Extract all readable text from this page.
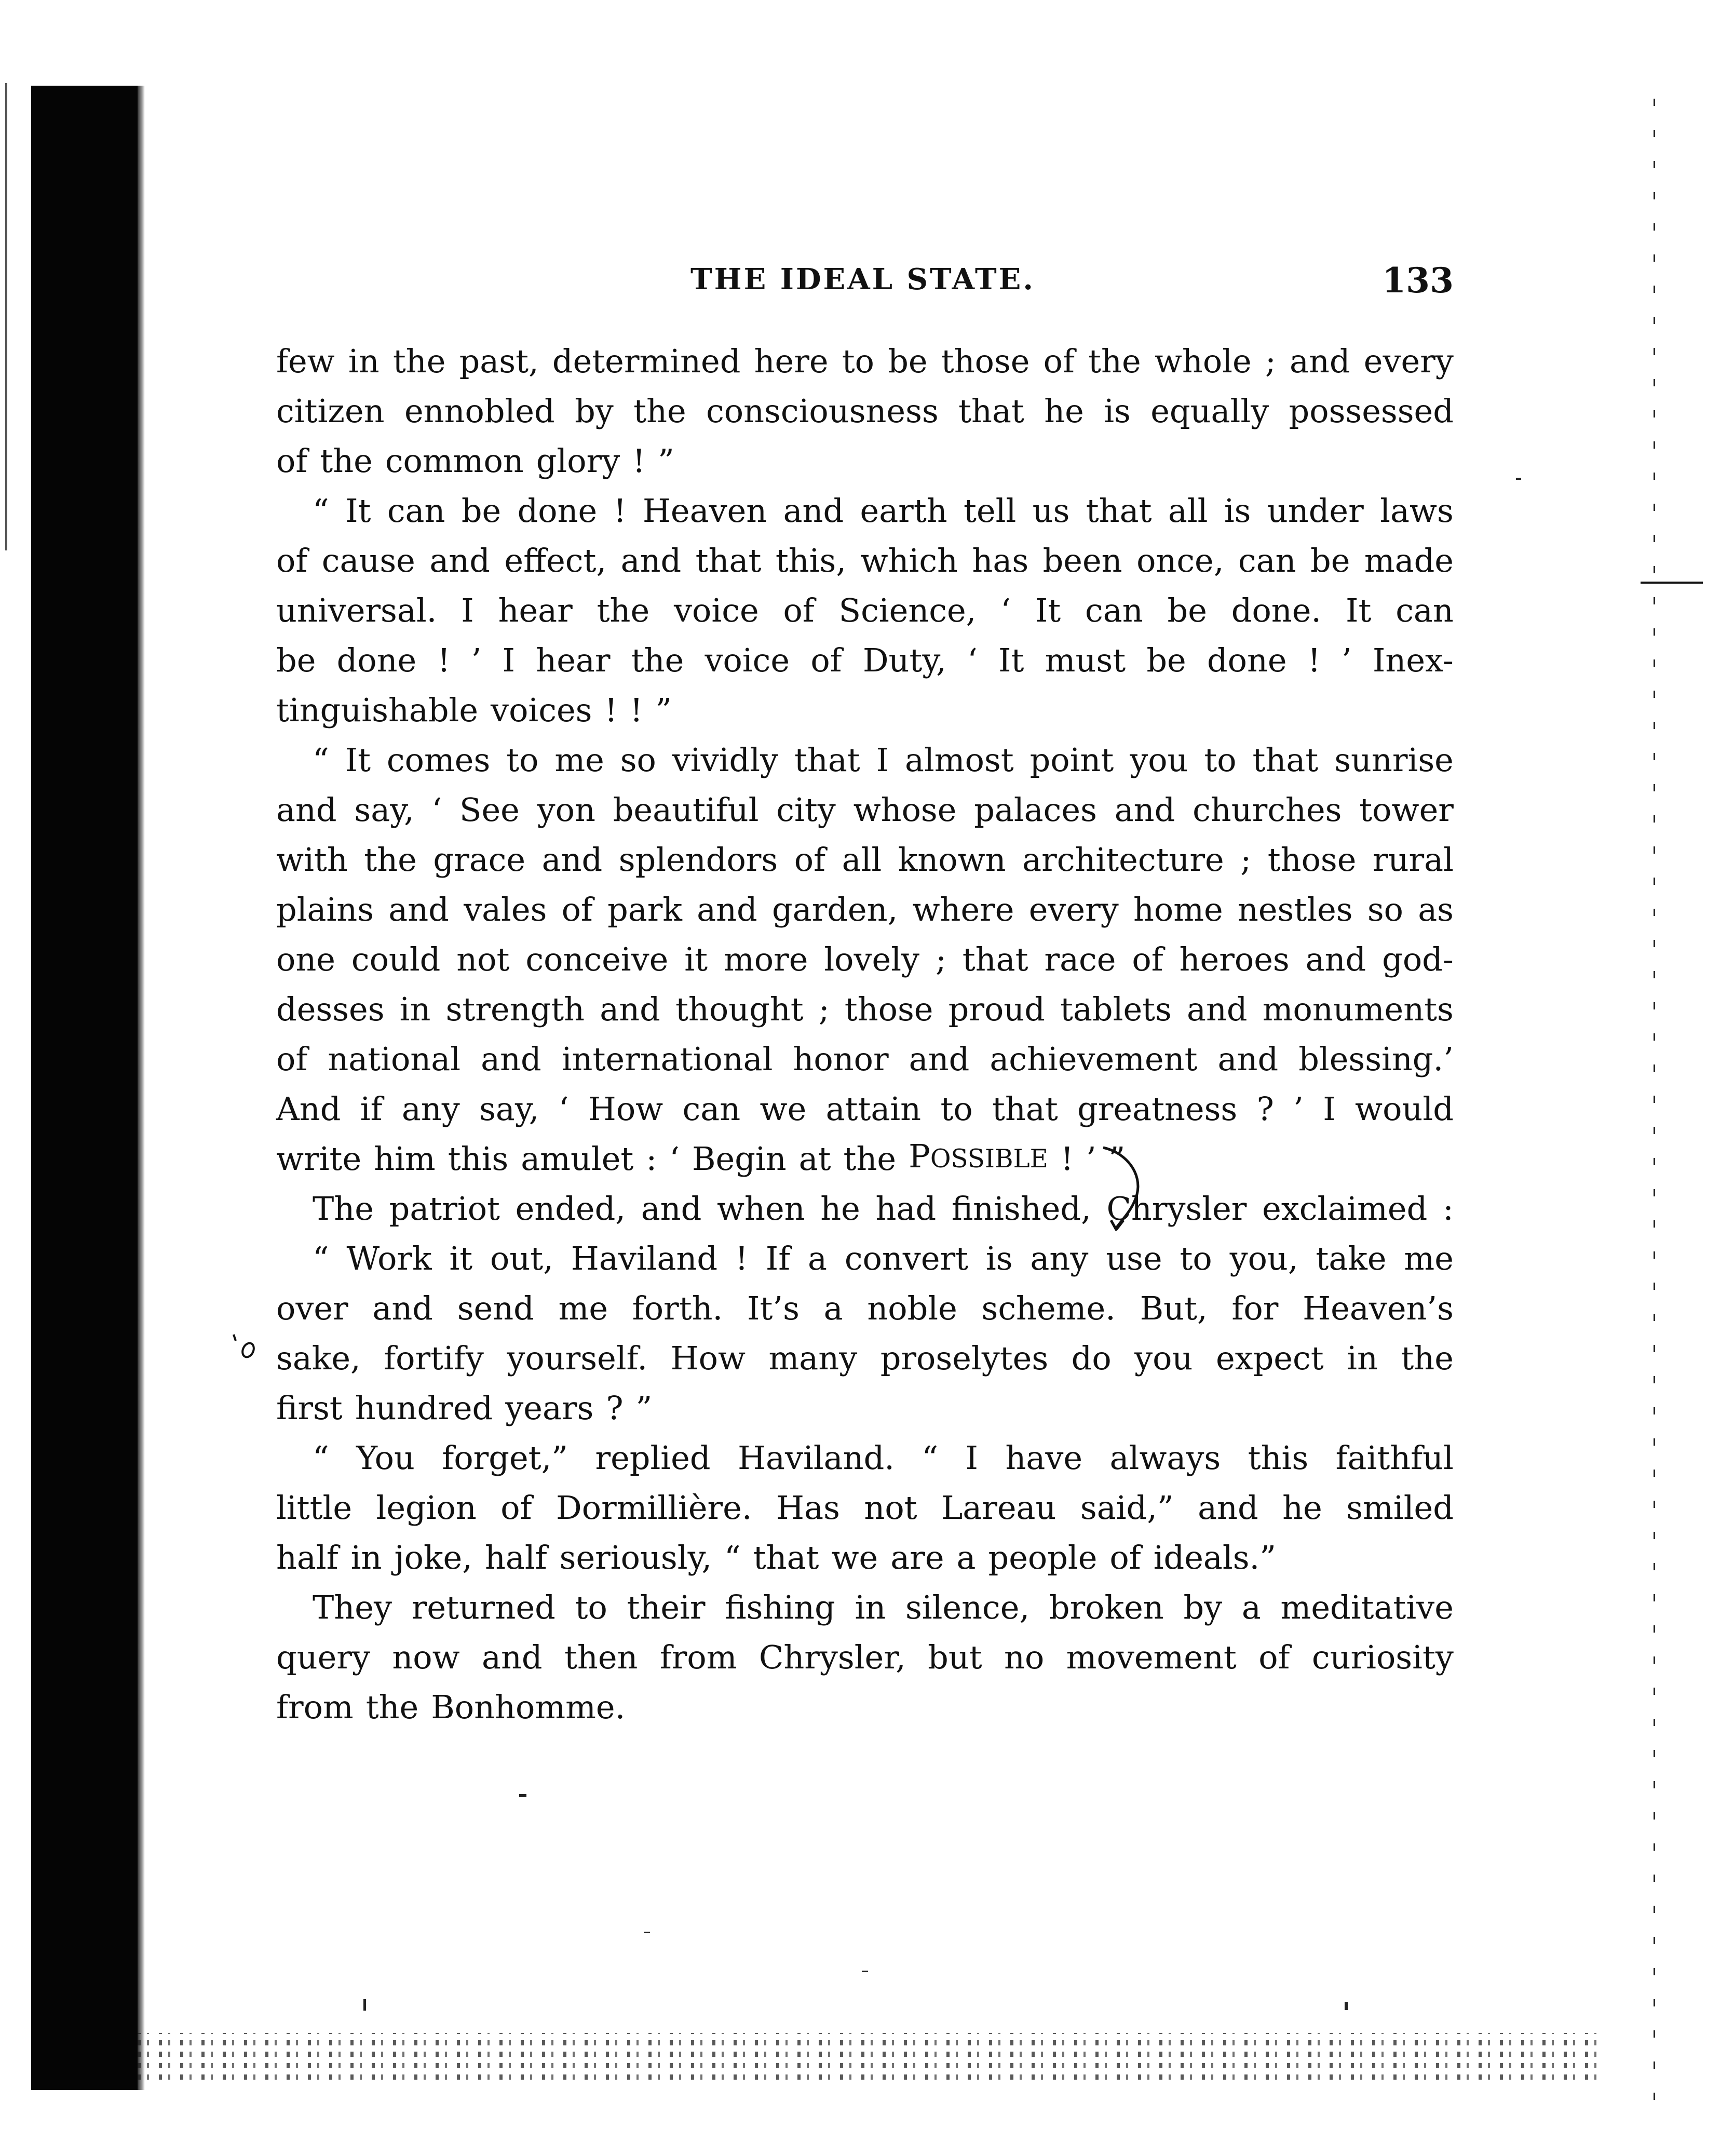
THE IDEAL STATE.	133
few in the past, determined here to be those of the whole ; and every
citizen ennobled by the consciousness that he is equally possessed
of the common glory ! ”
“ It can be done ! Heaven and earth tell us that all is under laws
of cause and effect, and that this, which has been once, can be made
universal. I hear the voice of Science, ‘ It can be done. It can
be done ! ’ I hear the voice of Duty, ‘ It must be done ! ’ Inex-
tinguishable voices ! ! ”
“ It comes to me so vividly that I almost point you to that sunrise
and say, ‘ See yon beautiful city whose palaces and churches tower
with the grace and splendors of all known architecture ; those rural
plains and vales of park and garden, where every home nestles so as
one could not conceive it more lovely ; that race of heroes and god-
desses in strength and thought ; those proud tablets and monuments
of national and international honor and achievement and blessing.’
And if any say, ‘ How can we attain to that greatness ? ’ I would
write him this amulet : ‘ Begin at the POSSIBLE ! ’ ”
The patriot ended, and when he had finished, Chrysler exclaimed :
“ Work it out, Haviland ! If a convert is any use to you, take me
over and send me forth. It’s a noble scheme. But, for Heaven’s
sake, fortify yourself. How many proselytes do you expect in the
first hundred years ? ”
“ You forget,” replied Haviland. “ I have always this faithful
little legion of Dormillière. Has not Lareau said,” and he smiled
half in joke, half seriously, “ that we are a people of ideals.”
They returned to their fishing in silence, broken by a meditative
query now and then from Chrysler, but no movement of curiosity
from the Bonhomme.
